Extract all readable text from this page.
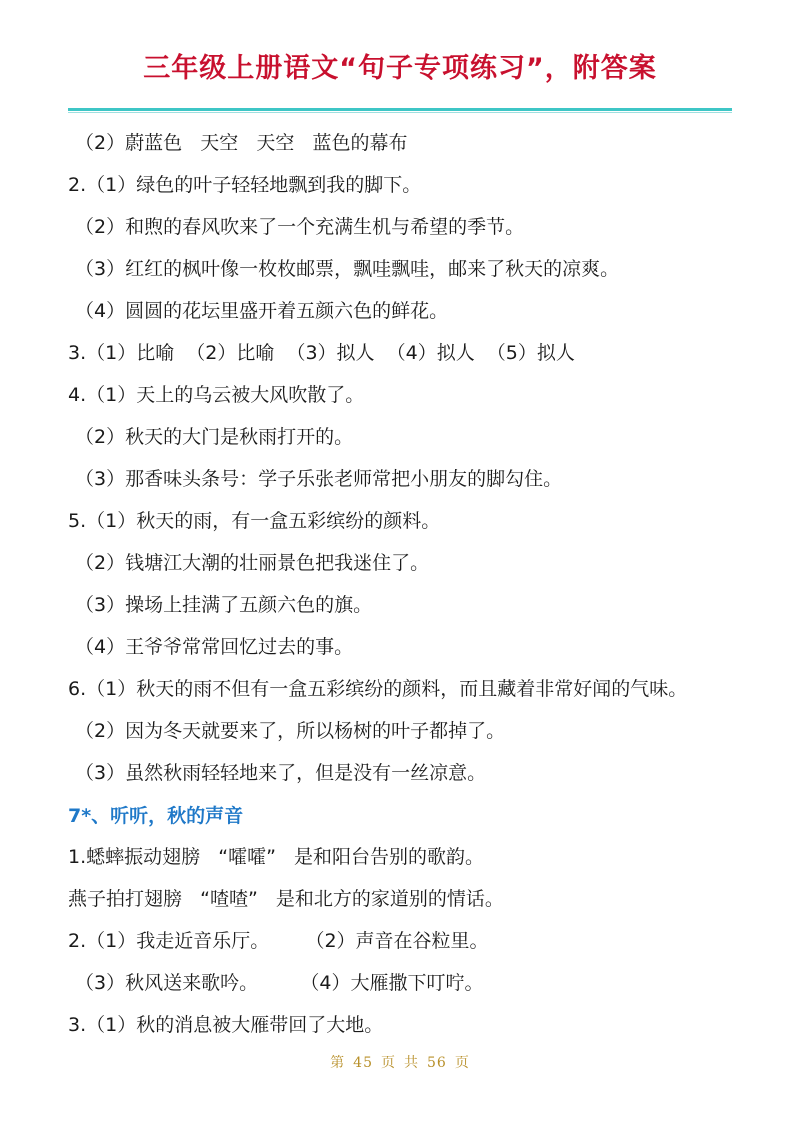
三年级上册语文“句子专项练习”，附答案
（2）蔚蓝色   天空   天空   蓝色的幕布
2.（1）绿色的叶子轻轻地飘到我的脚下。
（2）和煦的春风吹来了一个充满生机与希望的季节。
（3）红红的枫叶像一枚枚邮票，飘哇飘哇，邮来了秋天的凉爽。
（4）圆圆的花坛里盛开着五颜六色的鲜花。
3.（1）比喻  （2）比喻  （3）拟人  （4）拟人  （5）拟人
4.（1）天上的乌云被大风吹散了。
（2）秋天的大门是秋雨打开的。
（3）那香味头条号：学子乐张老师常把小朋友的脚勾住。
5.（1）秋天的雨，有一盒五彩缤纷的颜料。
（2）钱塘江大潮的壮丽景色把我迷住了。
（3）操场上挂满了五颜六色的旗。
（4）王爷爷常常回忆过去的事。
6.（1）秋天的雨不但有一盒五彩缤纷的颜料，而且藏着非常好闻的气味。
（2）因为冬天就要来了，所以杨树的叶子都掉了。
（3）虽然秋雨轻轻地来了，但是没有一丝凉意。
7*、听听，秋的声音
1.蟋蟀振动翅膀   “嚯嚯”   是和阳台告别的歌韵。
燕子拍打翅膀   “喳喳”   是和北方的家道别的情话。
2.（1）我走近音乐厅。      （2）声音在谷粒里。
（3）秋风送来歌吟。       （4）大雁撒下叮咛。
3.（1）秋的消息被大雁带回了大地。
第 45 页 共 56 页
